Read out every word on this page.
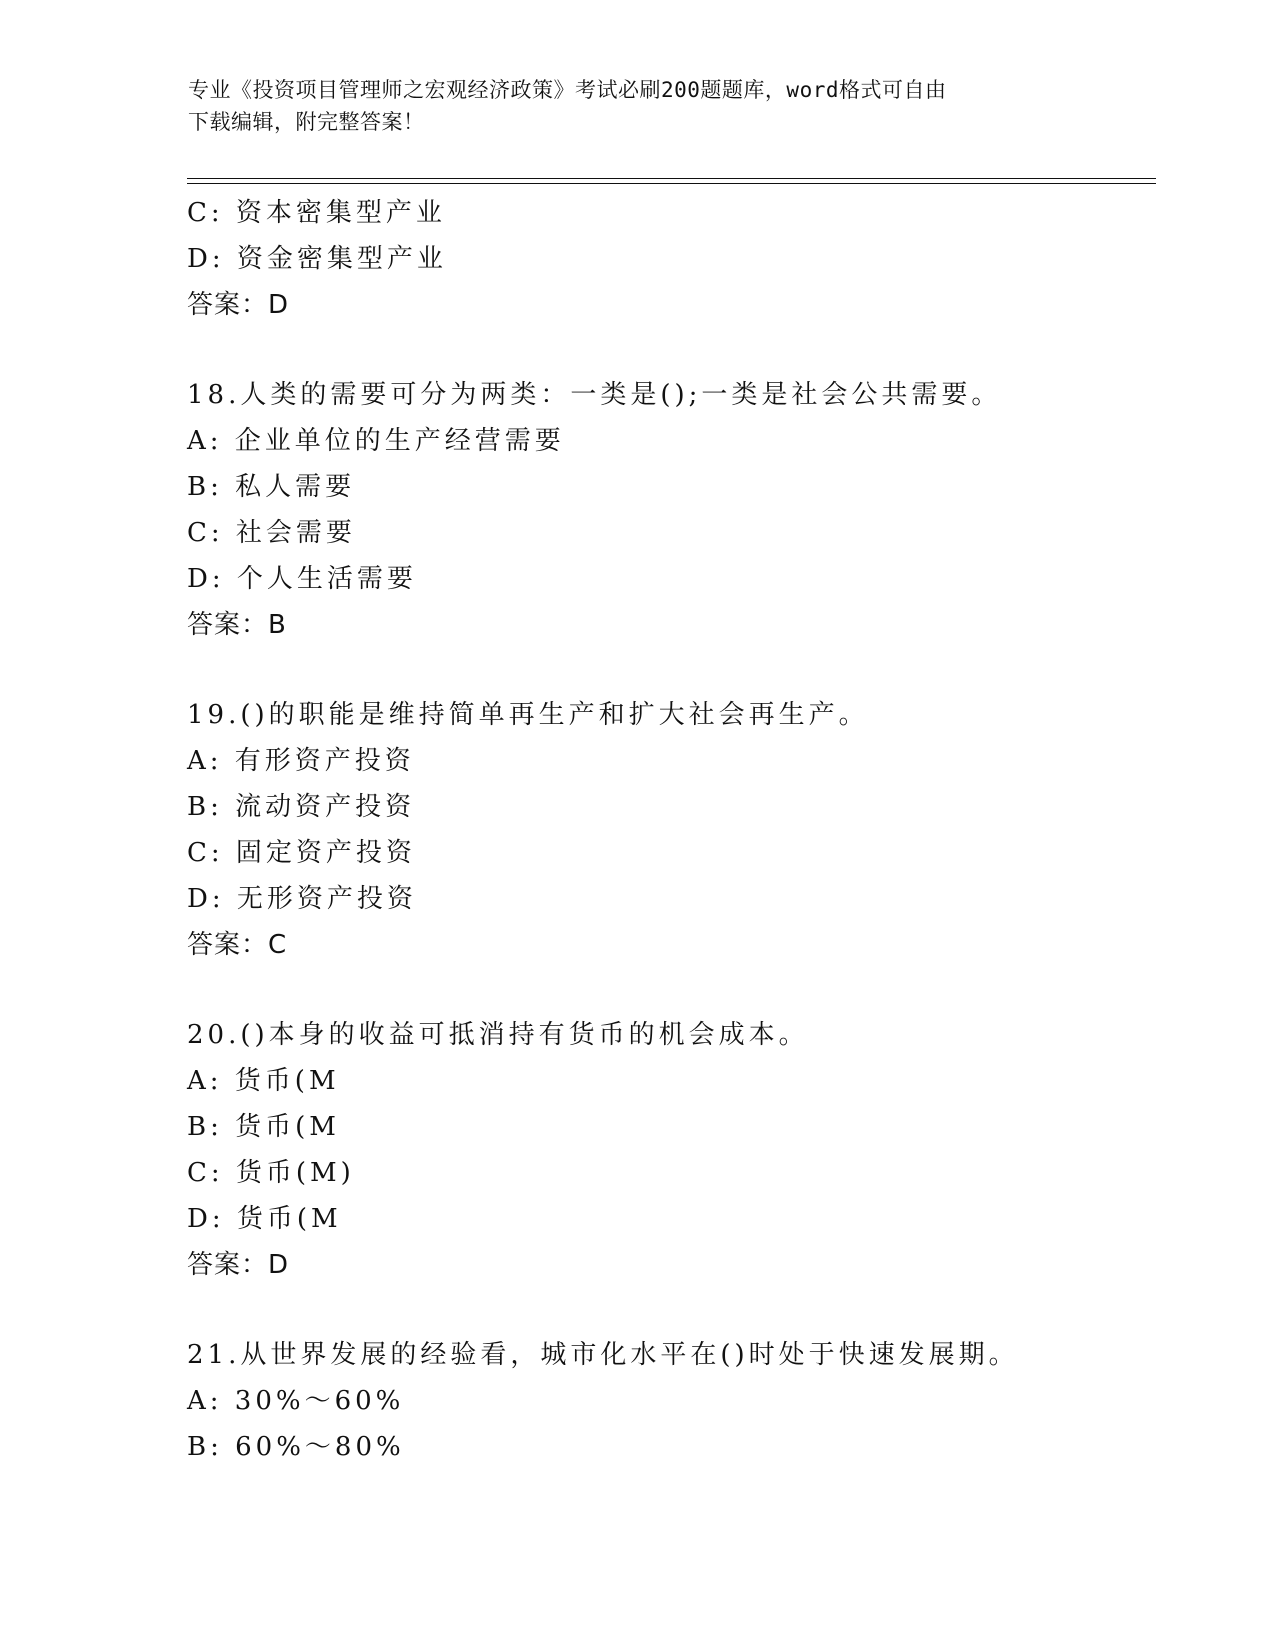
专业《投资项目管理师之宏观经济政策》考试必刷200题题库，word格式可自由
下载编辑，附完整答案！
C: 资本密集型产业
D: 资金密集型产业
答案：D
18.人类的需要可分为两类：一类是();一类是社会公共需要。
A: 企业单位的生产经营需要
B: 私人需要
C: 社会需要
D: 个人生活需要
答案：B
19.()的职能是维持简单再生产和扩大社会再生产。
A: 有形资产投资
B: 流动资产投资
C: 固定资产投资
D: 无形资产投资
答案：C
20.()本身的收益可抵消持有货币的机会成本。
A: 货币(M
B: 货币(M
C: 货币(M)
D: 货币(M
答案：D
21.从世界发展的经验看，城市化水平在()时处于快速发展期。
A: 30%～60%
B: 60%～80%
